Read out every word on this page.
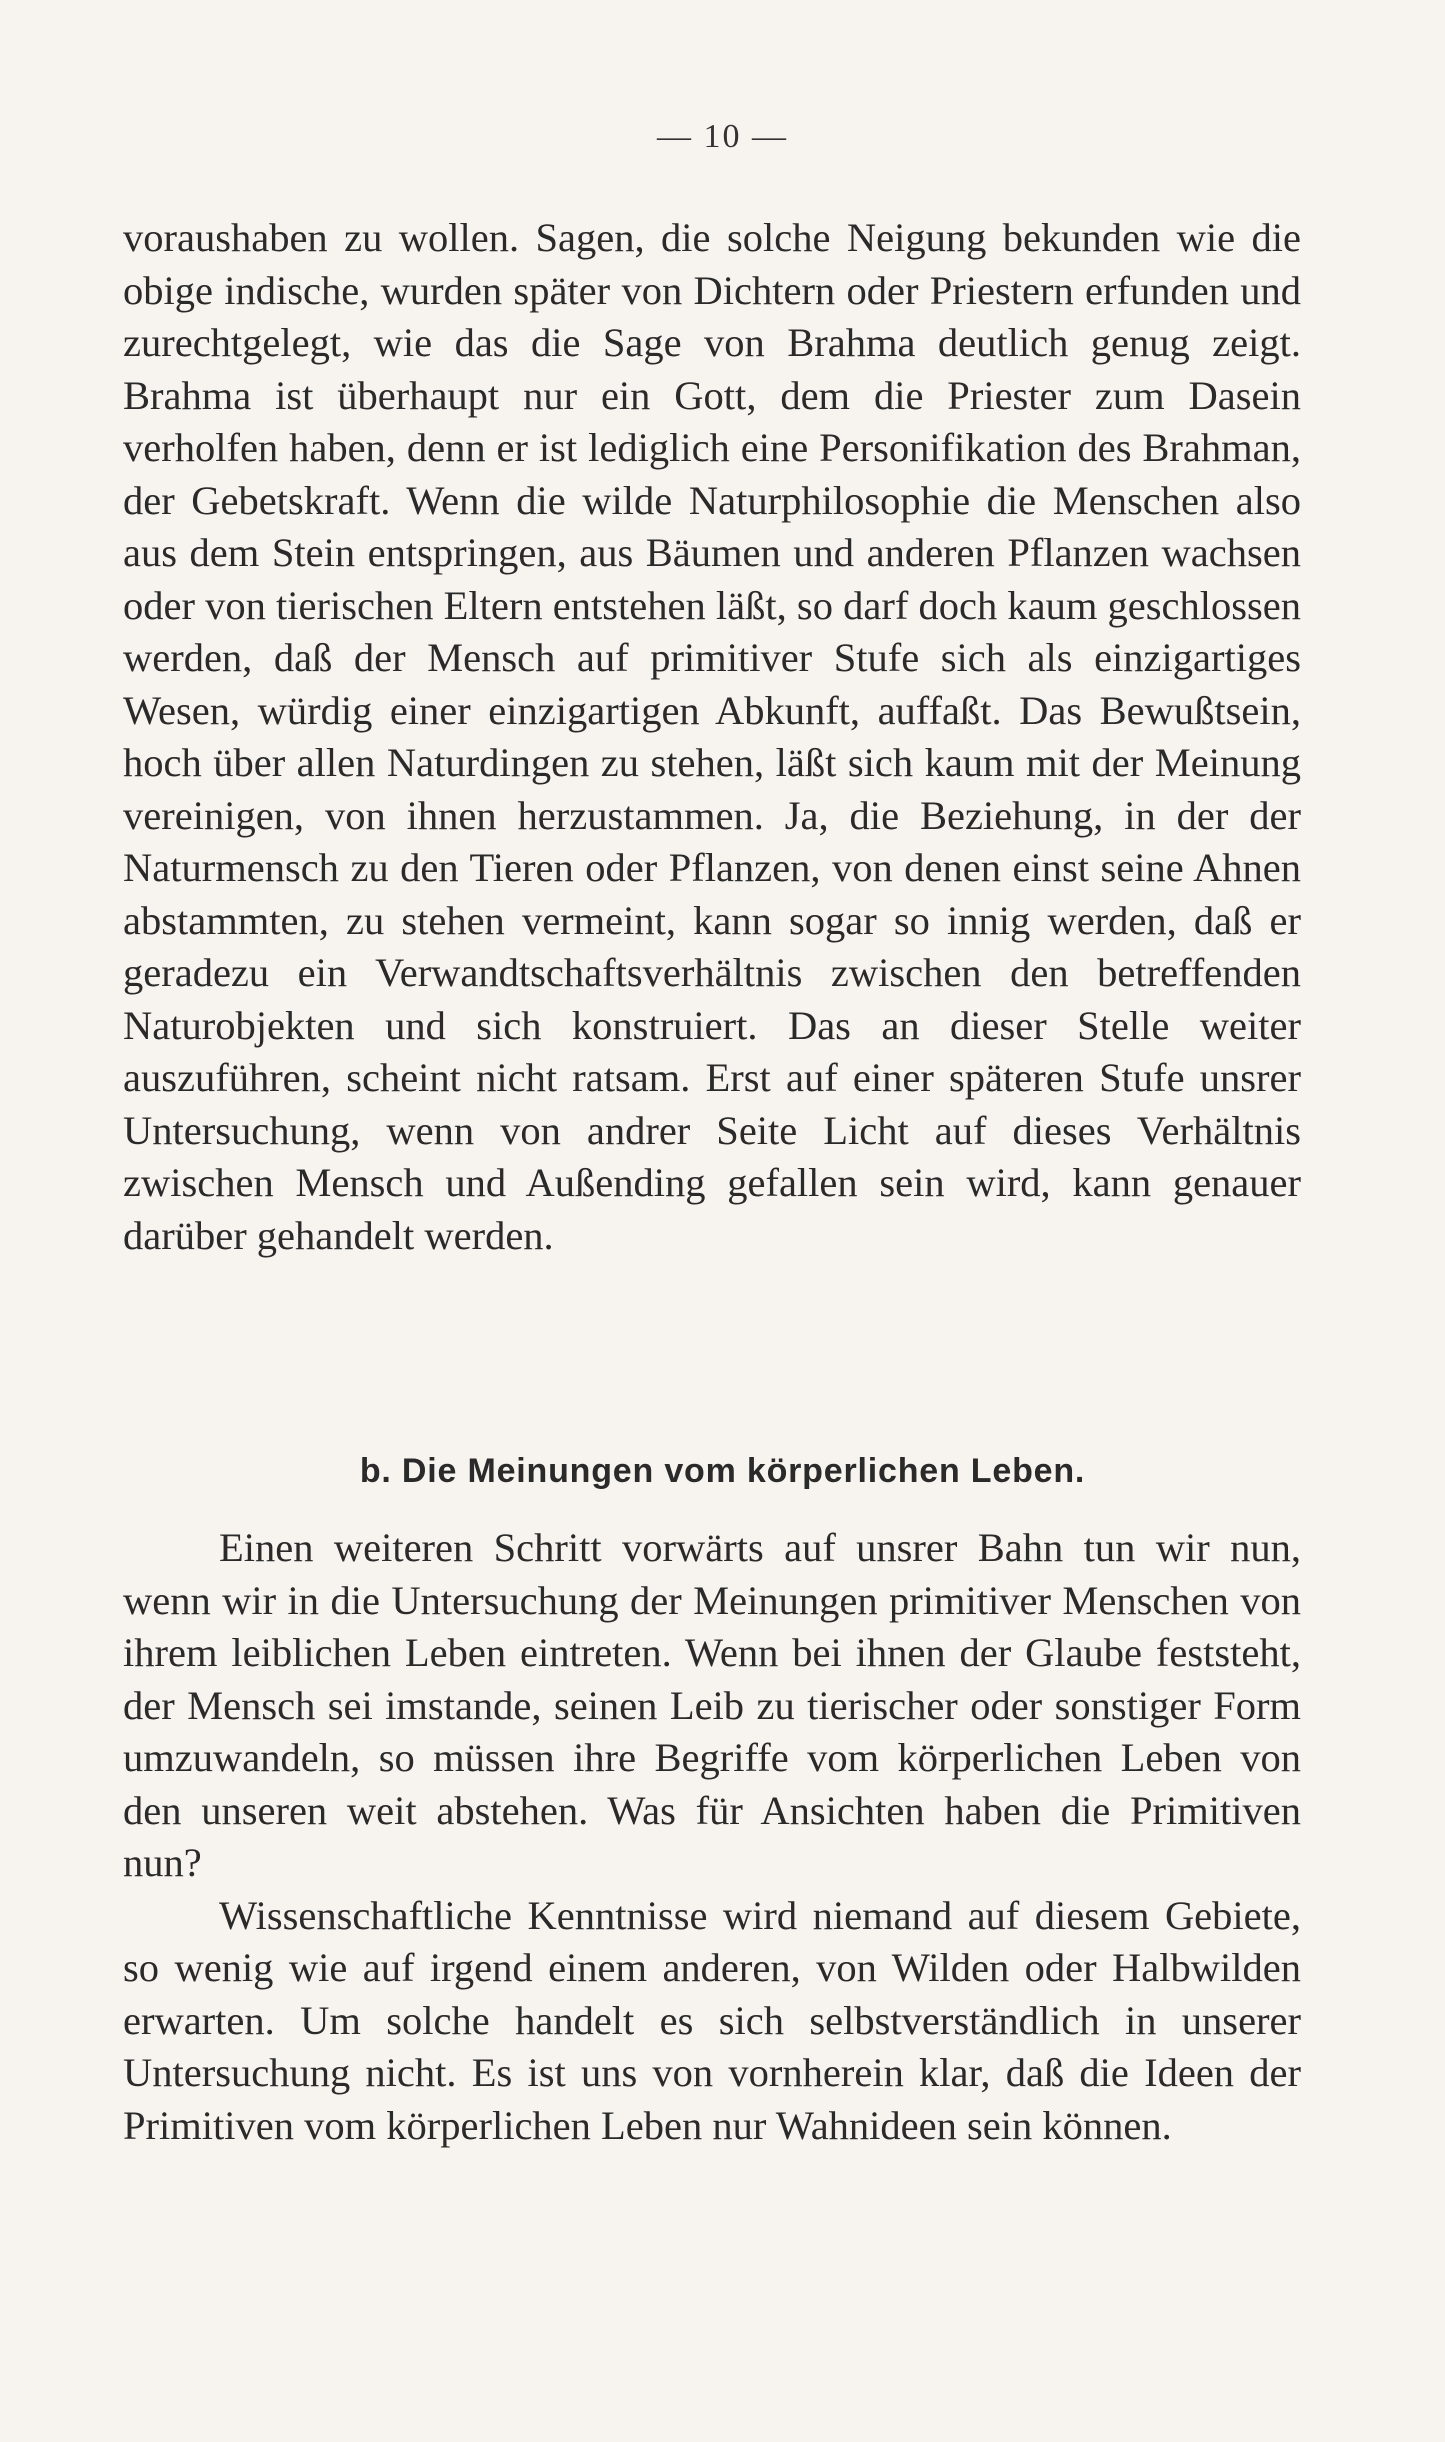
— 10 —

voraushaben zu wollen. Sagen, die solche Neigung bekunden wie die obige indische, wurden später von Dichtern oder Priestern erfunden und zurechtgelegt, wie das die Sage von Brahma deutlich genug zeigt. Brahma ist überhaupt nur ein Gott, dem die Priester zum Dasein verholfen haben, denn er ist lediglich eine Personifikation des Brahman, der Gebetskraft. Wenn die wilde Naturphilosophie die Menschen also aus dem Stein entspringen, aus Bäumen und anderen Pflanzen wachsen oder von tierischen Eltern entstehen läßt, so darf doch kaum geschlossen werden, daß der Mensch auf primitiver Stufe sich als einzigartiges Wesen, würdig einer einzigartigen Abkunft, auffaßt. Das Bewußtsein, hoch über allen Naturdingen zu stehen, läßt sich kaum mit der Meinung vereinigen, von ihnen herzustammen. Ja, die Beziehung, in der der Naturmensch zu den Tieren oder Pflanzen, von denen einst seine Ahnen abstammten, zu stehen vermeint, kann sogar so innig werden, daß er geradezu ein Verwandtschaftsverhältnis zwischen den betreffenden Naturobjekten und sich konstruiert. Das an dieser Stelle weiter auszuführen, scheint nicht ratsam. Erst auf einer späteren Stufe unsrer Untersuchung, wenn von andrer Seite Licht auf dieses Verhältnis zwischen Mensch und Außending gefallen sein wird, kann genauer darüber gehandelt werden.

b. Die Meinungen vom körperlichen Leben.

Einen weiteren Schritt vorwärts auf unsrer Bahn tun wir nun, wenn wir in die Untersuchung der Meinungen primitiver Menschen von ihrem leiblichen Leben eintreten. Wenn bei ihnen der Glaube feststeht, der Mensch sei imstande, seinen Leib zu tierischer oder sonstiger Form umzuwandeln, so müssen ihre Begriffe vom körperlichen Leben von den unseren weit abstehen. Was für Ansichten haben die Primitiven nun?

Wissenschaftliche Kenntnisse wird niemand auf diesem Gebiete, so wenig wie auf irgend einem anderen, von Wilden oder Halbwilden erwarten. Um solche handelt es sich selbstverständlich in unserer Untersuchung nicht. Es ist uns von vornherein klar, daß die Ideen der Primitiven vom körperlichen Leben nur Wahnideen sein können.
